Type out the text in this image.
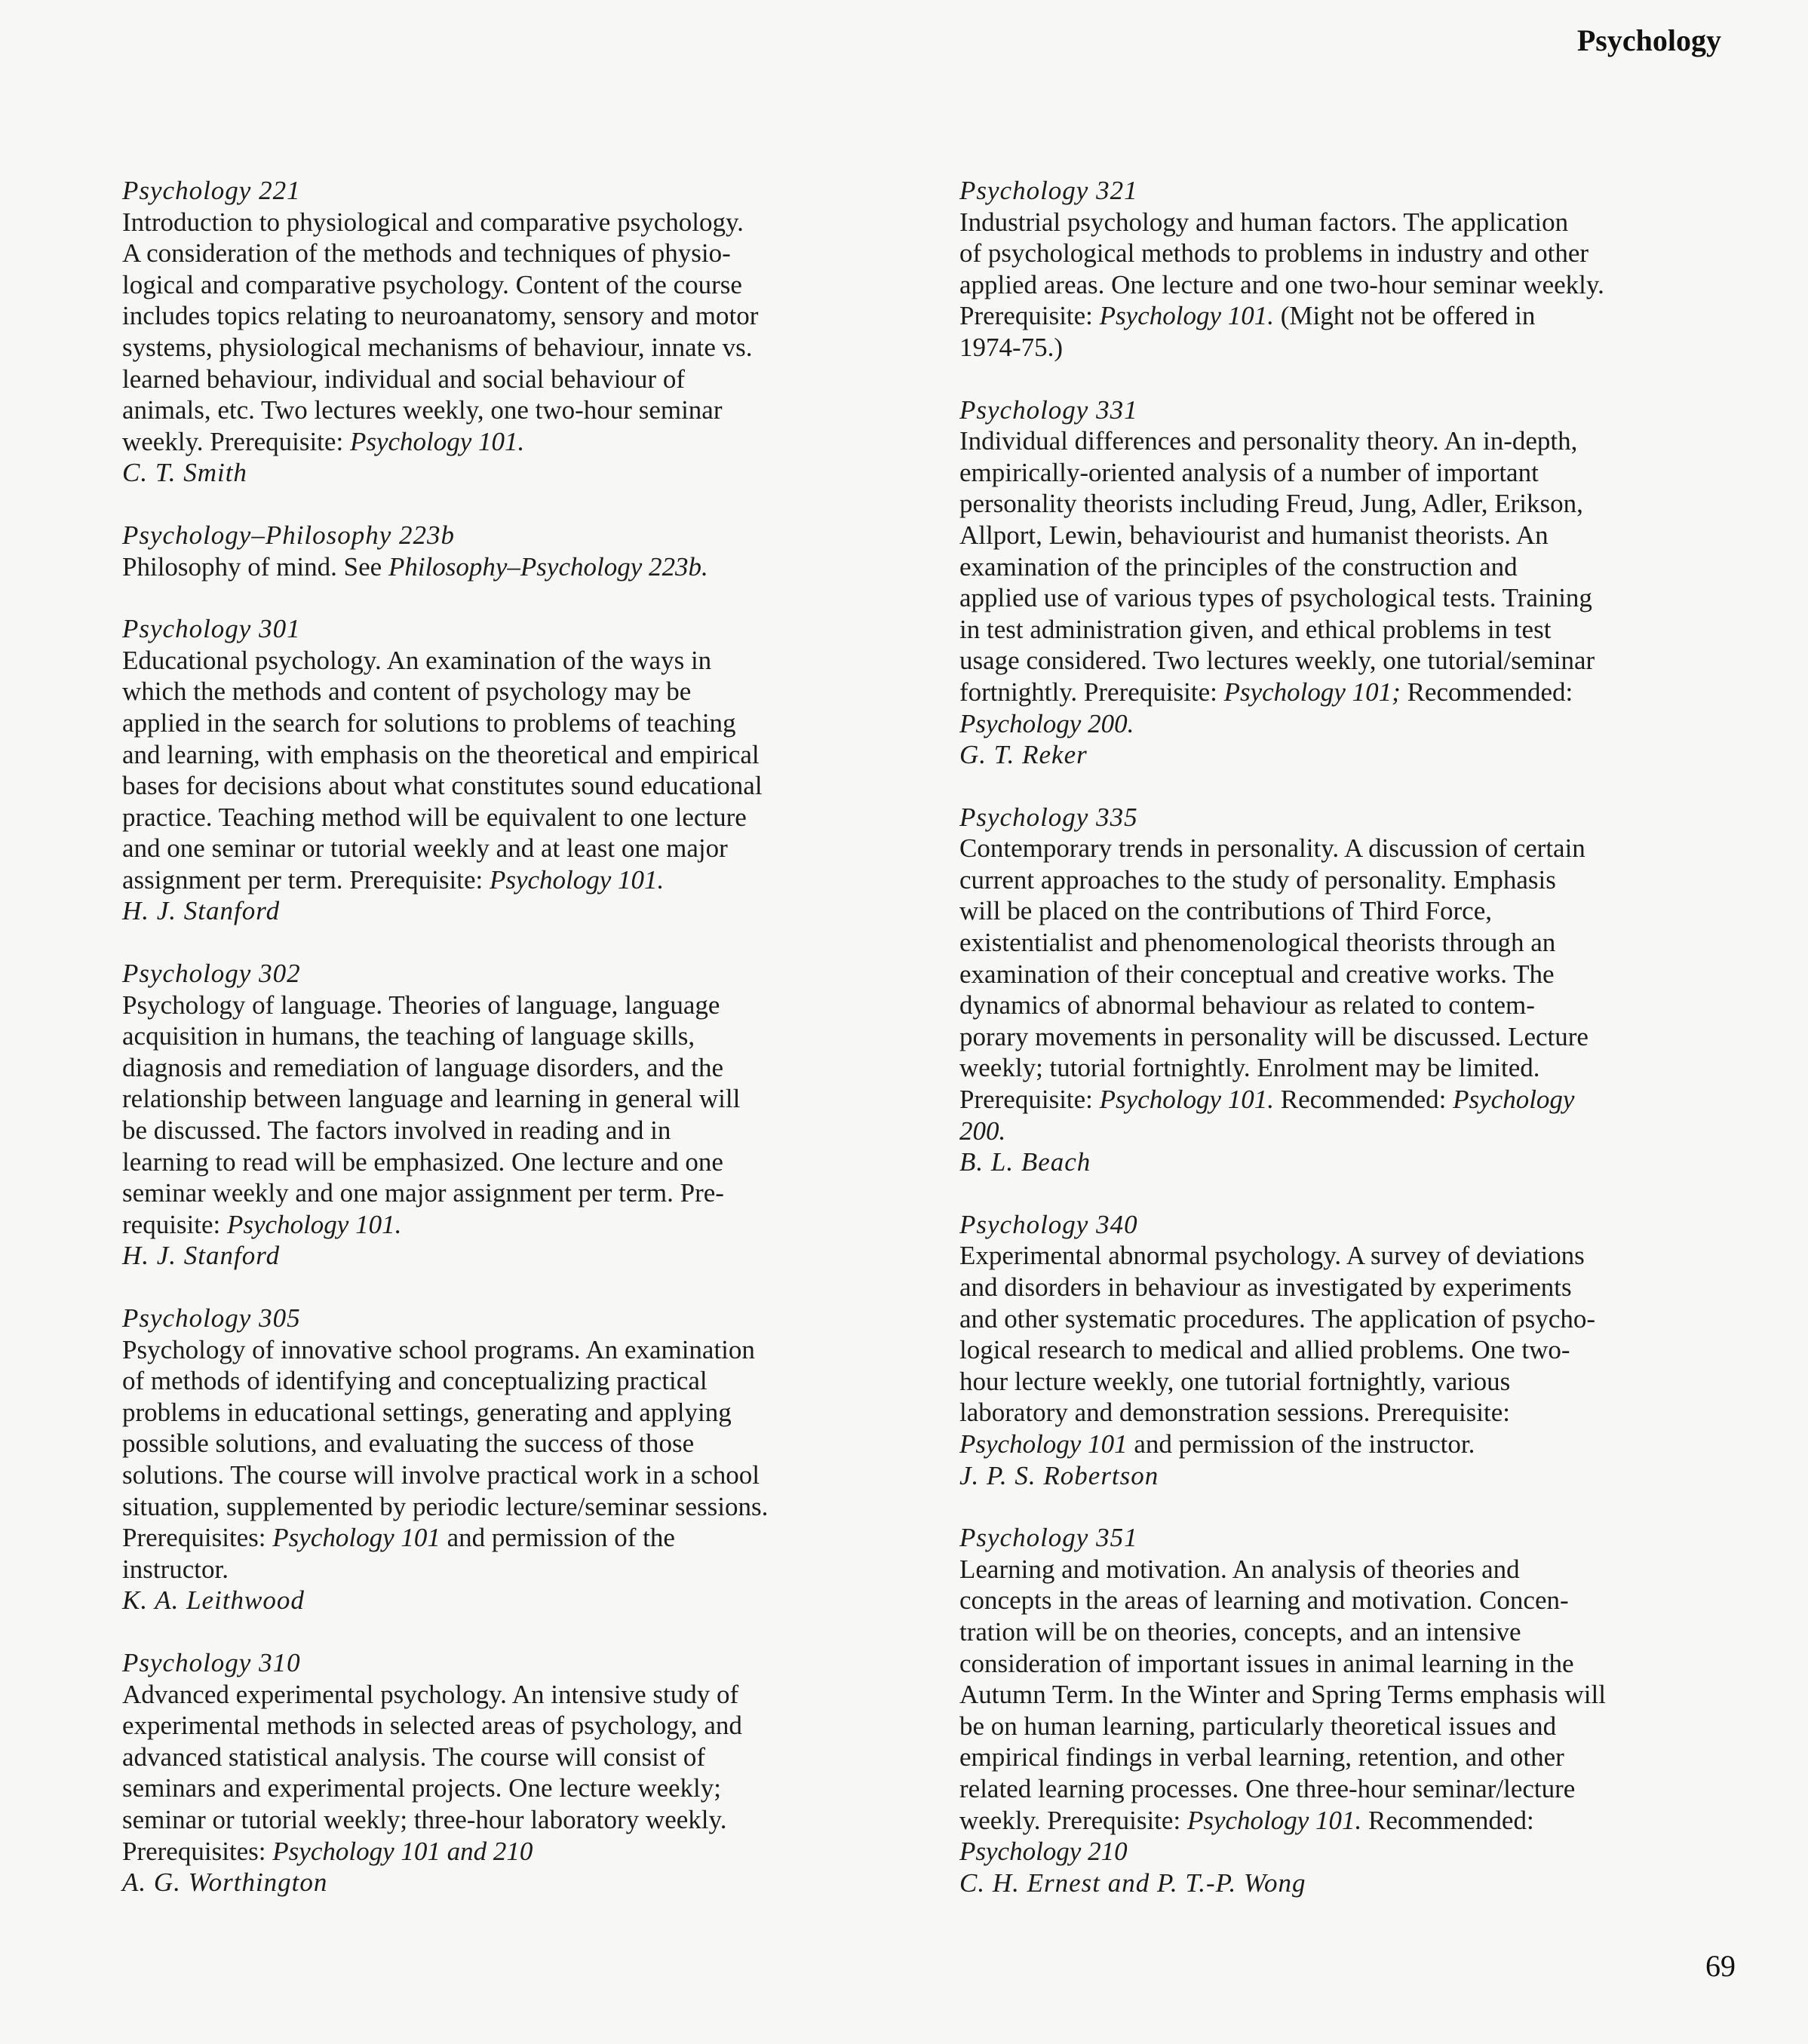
Psychology

Psychology 221

Introduction to physiological and comparative psychology.
A consideration of the methods and techniques of physio-
logical and comparative psychology. Content of the course
includes topics relating to neuroanatomy, sensory and motor
systems, physiological mechanisms of behaviour, innate vs.
learned behaviour, individual and social behaviour of
animals, etc. Two lectures weekly, one two-hour seminar
weekly. Prerequisite: Psychology 101.

C. T. Smith

Psychology–Philosophy 223b

Philosophy of mind. See Philosophy–Psychology 223b.

Psychology 301

Educational psychology. An examination of the ways in
which the methods and content of psychology may be
applied in the search for solutions to problems of teaching
and learning, with emphasis on the theoretical and empirical
bases for decisions about what constitutes sound educational
practice. Teaching method will be equivalent to one lecture
and one seminar or tutorial weekly and at least one major
assignment per term. Prerequisite: Psychology 101.

H. J. Stanford

Psychology 302

Psychology of language. Theories of language, language
acquisition in humans, the teaching of language skills,
diagnosis and remediation of language disorders, and the
relationship between language and learning in general will
be discussed. The factors involved in reading and in
learning to read will be emphasized. One lecture and one
seminar weekly and one major assignment per term. Pre-
requisite: Psychology 101.

H. J. Stanford

Psychology 305

Psychology of innovative school programs. An examination
of methods of identifying and conceptualizing practical
problems in educational settings, generating and applying
possible solutions, and evaluating the success of those
solutions. The course will involve practical work in a school
situation, supplemented by periodic lecture/seminar sessions.
Prerequisites: Psychology 101 and permission of the
instructor.

K. A. Leithwood

Psychology 310

Advanced experimental psychology. An intensive study of
experimental methods in selected areas of psychology, and
advanced statistical analysis. The course will consist of
seminars and experimental projects. One lecture weekly;
seminar or tutorial weekly; three-hour laboratory weekly.
Prerequisites: Psychology 101 and 210

A. G. Worthington

Psychology 321

Industrial psychology and human factors. The application
of psychological methods to problems in industry and other
applied areas. One lecture and one two-hour seminar weekly.
Prerequisite: Psychology 101. (Might not be offered in
1974-75.)

Psychology 331

Individual differences and personality theory. An in-depth,
empirically-oriented analysis of a number of important
personality theorists including Freud, Jung, Adler, Erikson,
Allport, Lewin, behaviourist and humanist theorists. An
examination of the principles of the construction and
applied use of various types of psychological tests. Training
in test administration given, and ethical problems in test
usage considered. Two lectures weekly, one tutorial/seminar
fortnightly. Prerequisite: Psychology 101; Recommended:
Psychology 200.

G. T. Reker

Psychology 335

Contemporary trends in personality. A discussion of certain
current approaches to the study of personality. Emphasis
will be placed on the contributions of Third Force,
existentialist and phenomenological theorists through an
examination of their conceptual and creative works. The
dynamics of abnormal behaviour as related to contem-
porary movements in personality will be discussed. Lecture
weekly; tutorial fortnightly. Enrolment may be limited.
Prerequisite: Psychology 101. Recommended: Psychology
200.

B. L. Beach

Psychology 340

Experimental abnormal psychology. A survey of deviations
and disorders in behaviour as investigated by experiments
and other systematic procedures. The application of psycho-
logical research to medical and allied problems. One two-
hour lecture weekly, one tutorial fortnightly, various
laboratory and demonstration sessions. Prerequisite:
Psychology 101 and permission of the instructor.

J. P. S. Robertson

Psychology 351

Learning and motivation. An analysis of theories and
concepts in the areas of learning and motivation. Concen-
tration will be on theories, concepts, and an intensive
consideration of important issues in animal learning in the
Autumn Term. In the Winter and Spring Terms emphasis will
be on human learning, particularly theoretical issues and
empirical findings in verbal learning, retention, and other
related learning processes. One three-hour seminar/lecture
weekly. Prerequisite: Psychology 101. Recommended:
Psychology 210

C. H. Ernest and P. T.-P. Wong

69
